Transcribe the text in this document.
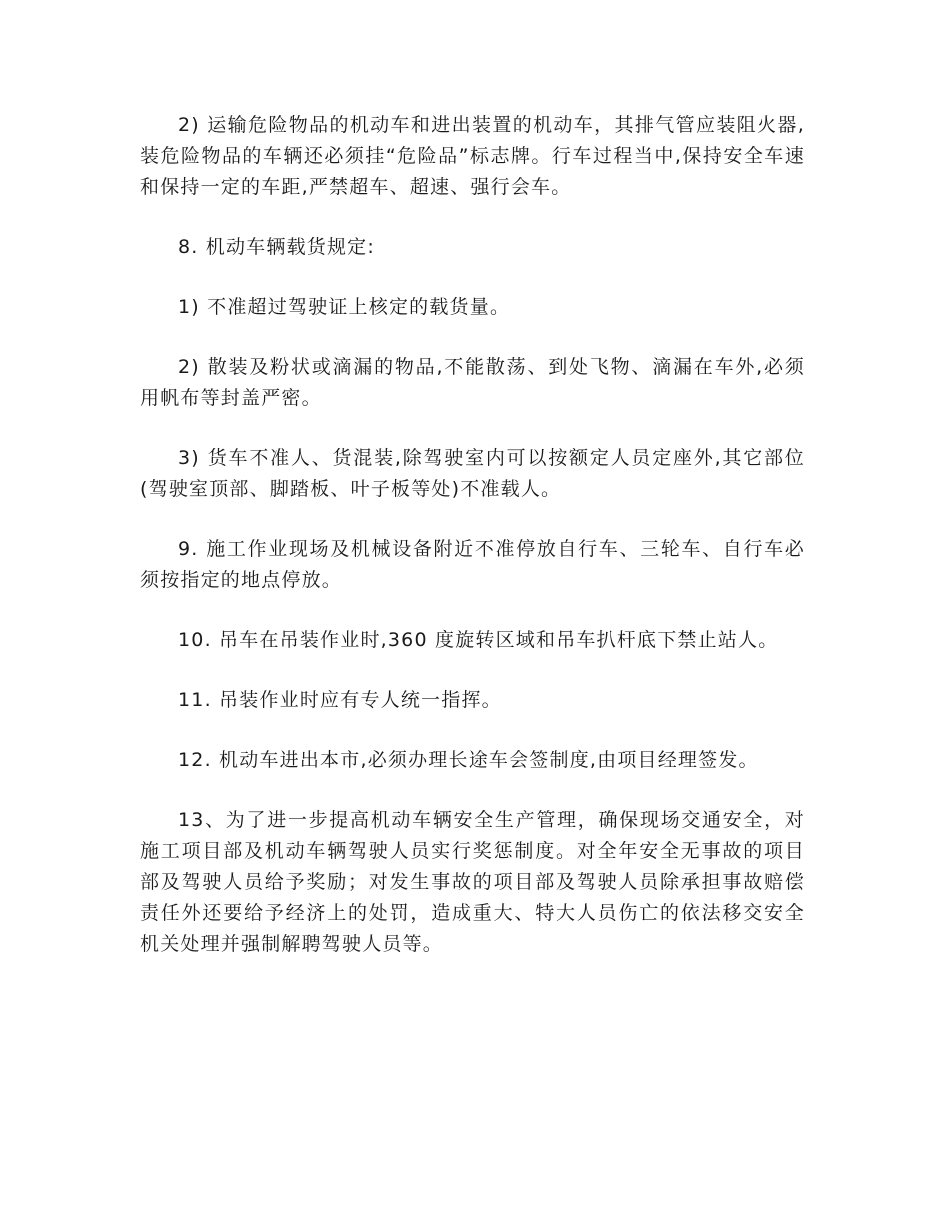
2) 运输危险物品的机动车和进出装置的机动车，其排气管应装阻火器,装危险物品的车辆还必须挂“危险品”标志牌。行车过程当中,保持安全车速和保持一定的车距,严禁超车、超速、强行会车。

8. 机动车辆载货规定:

1) 不准超过驾驶证上核定的载货量。

2) 散装及粉状或滴漏的物品,不能散荡、到处飞物、滴漏在车外,必须用帆布等封盖严密。

3) 货车不准人、货混装,除驾驶室内可以按额定人员定座外,其它部位(驾驶室顶部、脚踏板、叶子板等处)不准载人。

9. 施工作业现场及机械设备附近不准停放自行车、三轮车、自行车必须按指定的地点停放。

10. 吊车在吊装作业时,360 度旋转区域和吊车扒杆底下禁止站人。

11. 吊装作业时应有专人统一指挥。

12. 机动车进出本市,必须办理长途车会签制度,由项目经理签发。

13、为了进一步提高机动车辆安全生产管理，确保现场交通安全，对施工项目部及机动车辆驾驶人员实行奖惩制度。对全年安全无事故的项目部及驾驶人员给予奖励；对发生事故的项目部及驾驶人员除承担事故赔偿责任外还要给予经济上的处罚，造成重大、特大人员伤亡的依法移交安全机关处理并强制解聘驾驶人员等。
